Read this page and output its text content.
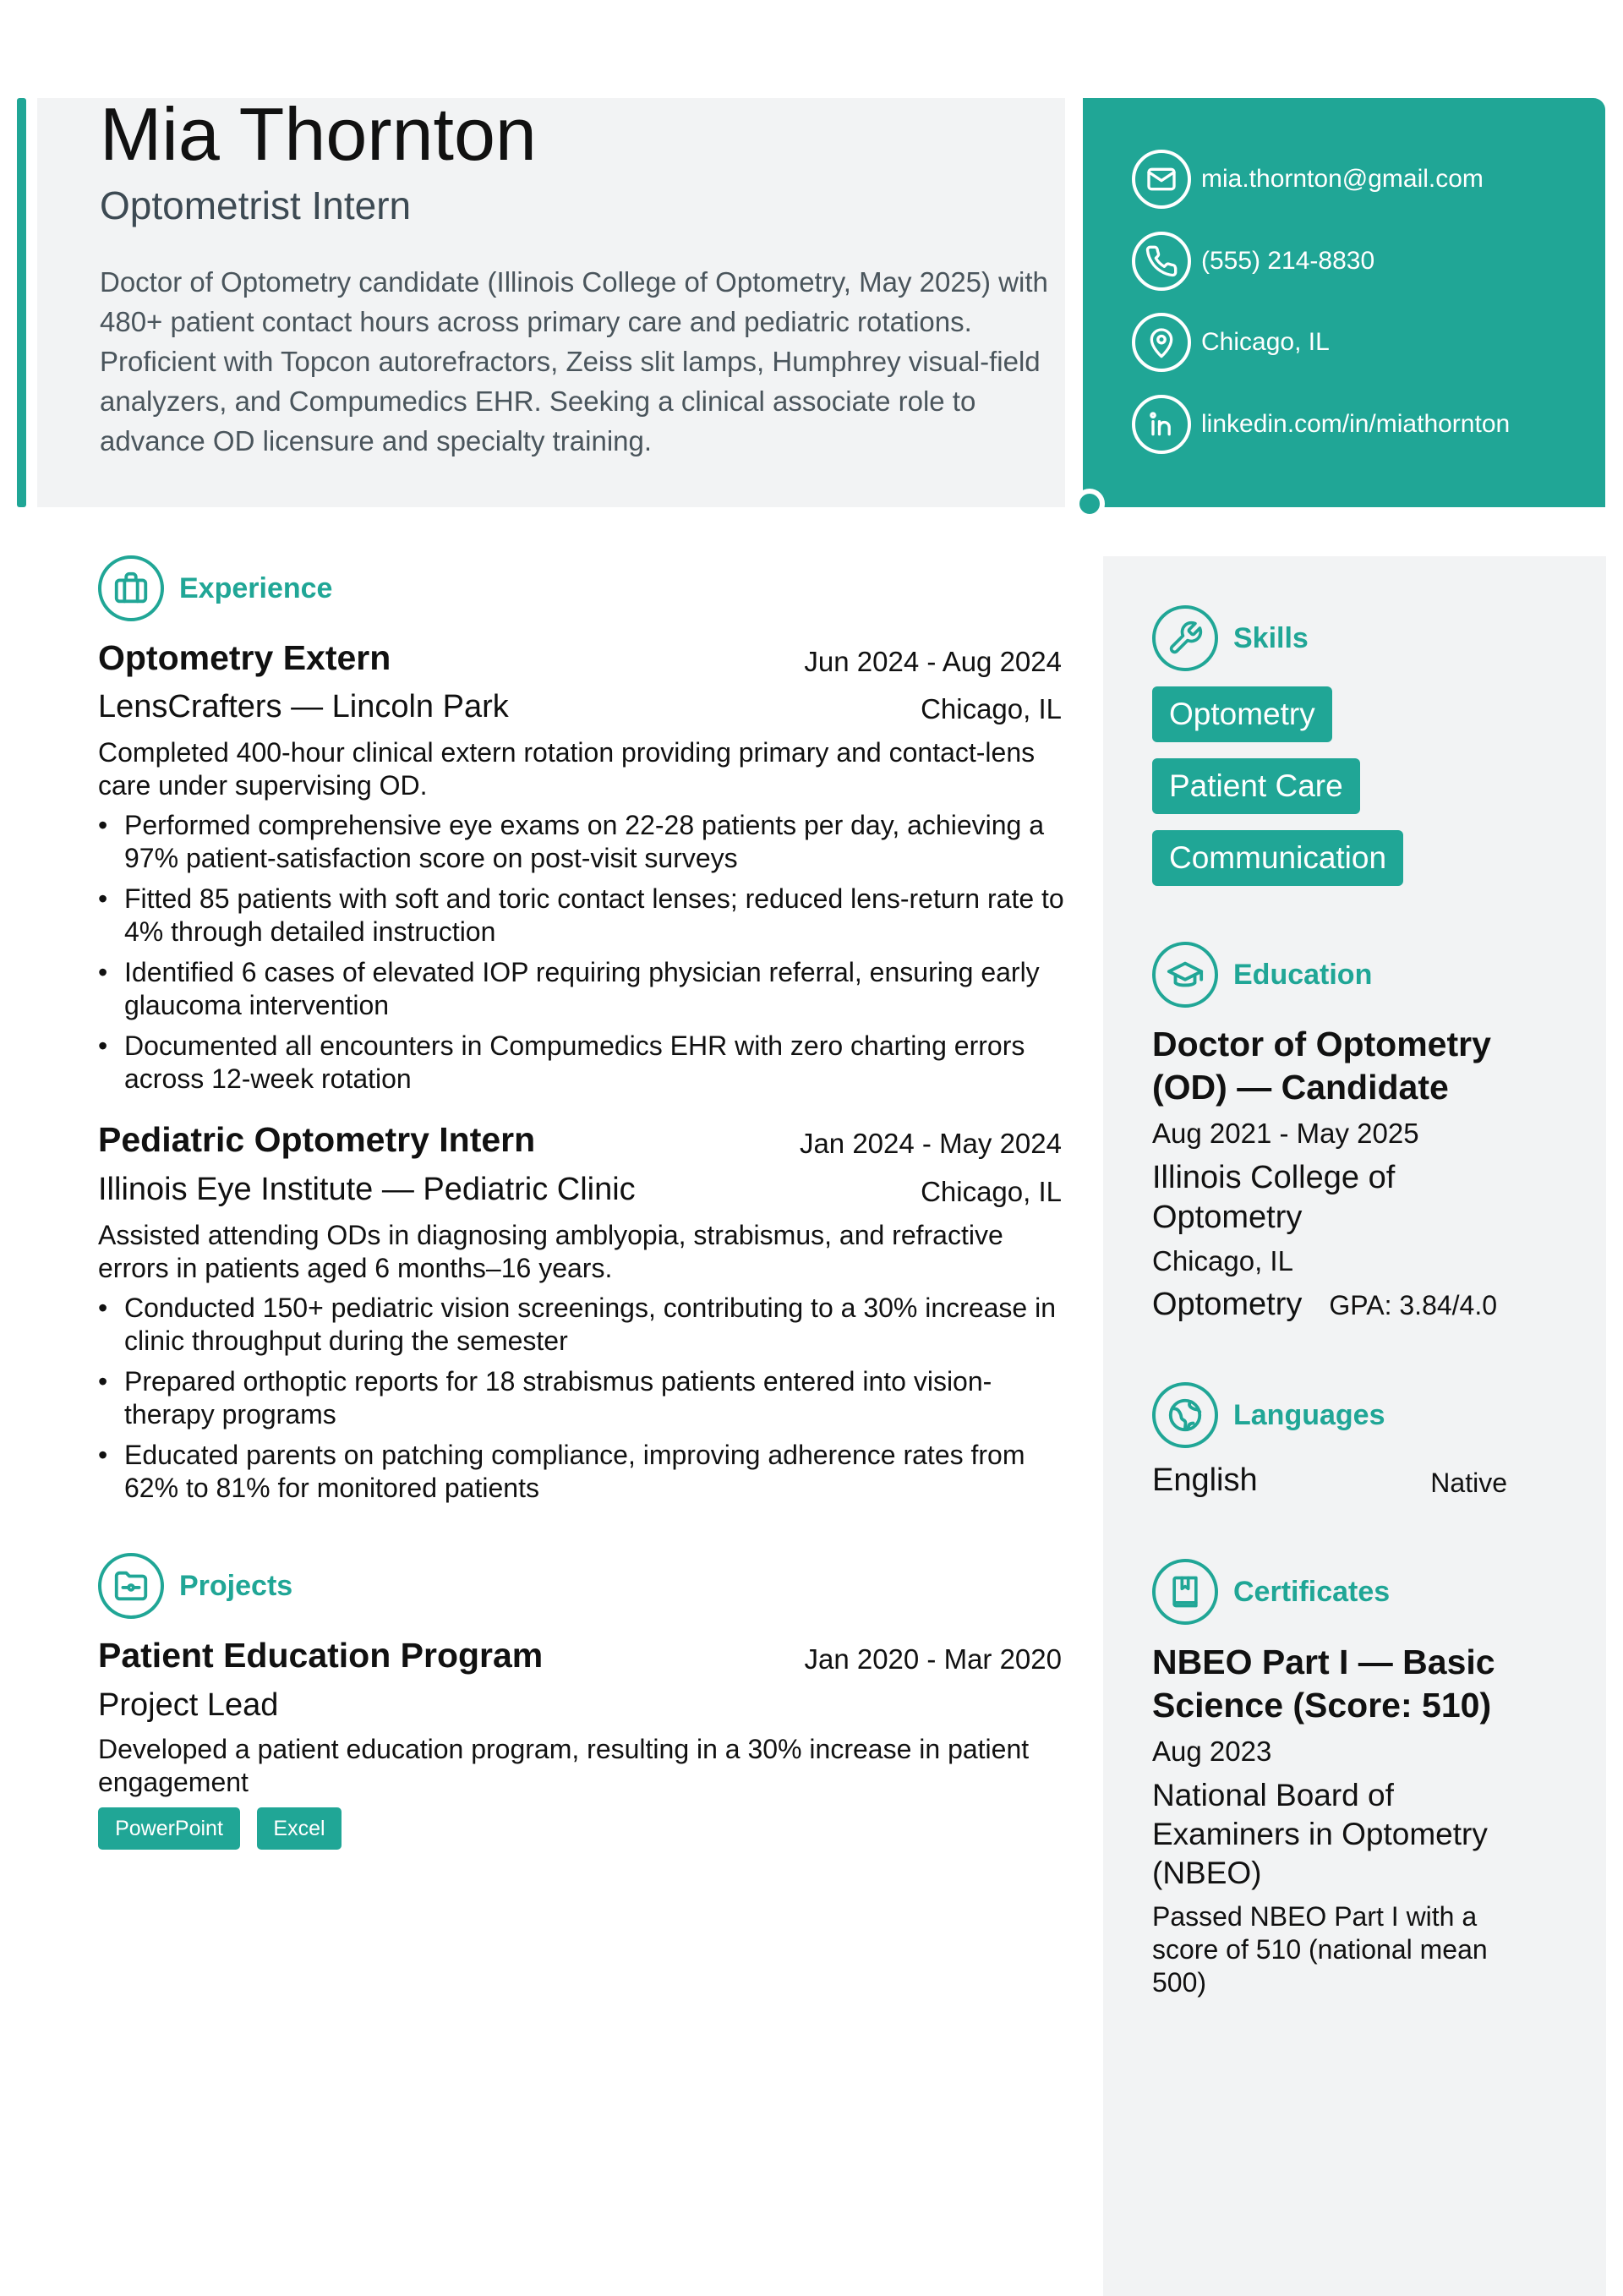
Mia Thornton
Optometrist Intern
Doctor of Optometry candidate (Illinois College of Optometry, May 2025) with 480+ patient contact hours across primary care and pediatric rotations. Proficient with Topcon autorefractors, Zeiss slit lamps, Humphrey visual-field analyzers, and Compumedics EHR. Seeking a clinical associate role to advance OD licensure and specialty training.
mia.thornton@gmail.com
(555) 214-8830
Chicago, IL
linkedin.com/in/miathornton
Experience
Optometry Extern	Jun 2024 - Aug 2024
LensCrafters — Lincoln Park	Chicago, IL
Completed 400-hour clinical extern rotation providing primary and contact-lens care under supervising OD.
• Performed comprehensive eye exams on 22-28 patients per day, achieving a 97% patient-satisfaction score on post-visit surveys
• Fitted 85 patients with soft and toric contact lenses; reduced lens-return rate to 4% through detailed instruction
• Identified 6 cases of elevated IOP requiring physician referral, ensuring early glaucoma intervention
• Documented all encounters in Compumedics EHR with zero charting errors across 12-week rotation
Pediatric Optometry Intern	Jan 2024 - May 2024
Illinois Eye Institute — Pediatric Clinic	Chicago, IL
Assisted attending ODs in diagnosing amblyopia, strabismus, and refractive errors in patients aged 6 months–16 years.
• Conducted 150+ pediatric vision screenings, contributing to a 30% increase in clinic throughput during the semester
• Prepared orthoptic reports for 18 strabismus patients entered into vision-therapy programs
• Educated parents on patching compliance, improving adherence rates from 62% to 81% for monitored patients
Projects
Patient Education Program	Jan 2020 - Mar 2020
Project Lead
Developed a patient education program, resulting in a 30% increase in patient engagement
PowerPoint	Excel
Skills
Optometry
Patient Care
Communication
Education
Doctor of Optometry (OD) — Candidate
Aug 2021 - May 2025
Illinois College of Optometry
Chicago, IL
Optometry GPA: 3.84/4.0
Languages
English	Native
Certificates
NBEO Part I — Basic Science (Score: 510)
Aug 2023
National Board of Examiners in Optometry (NBEO)
Passed NBEO Part I with a score of 510 (national mean 500)
